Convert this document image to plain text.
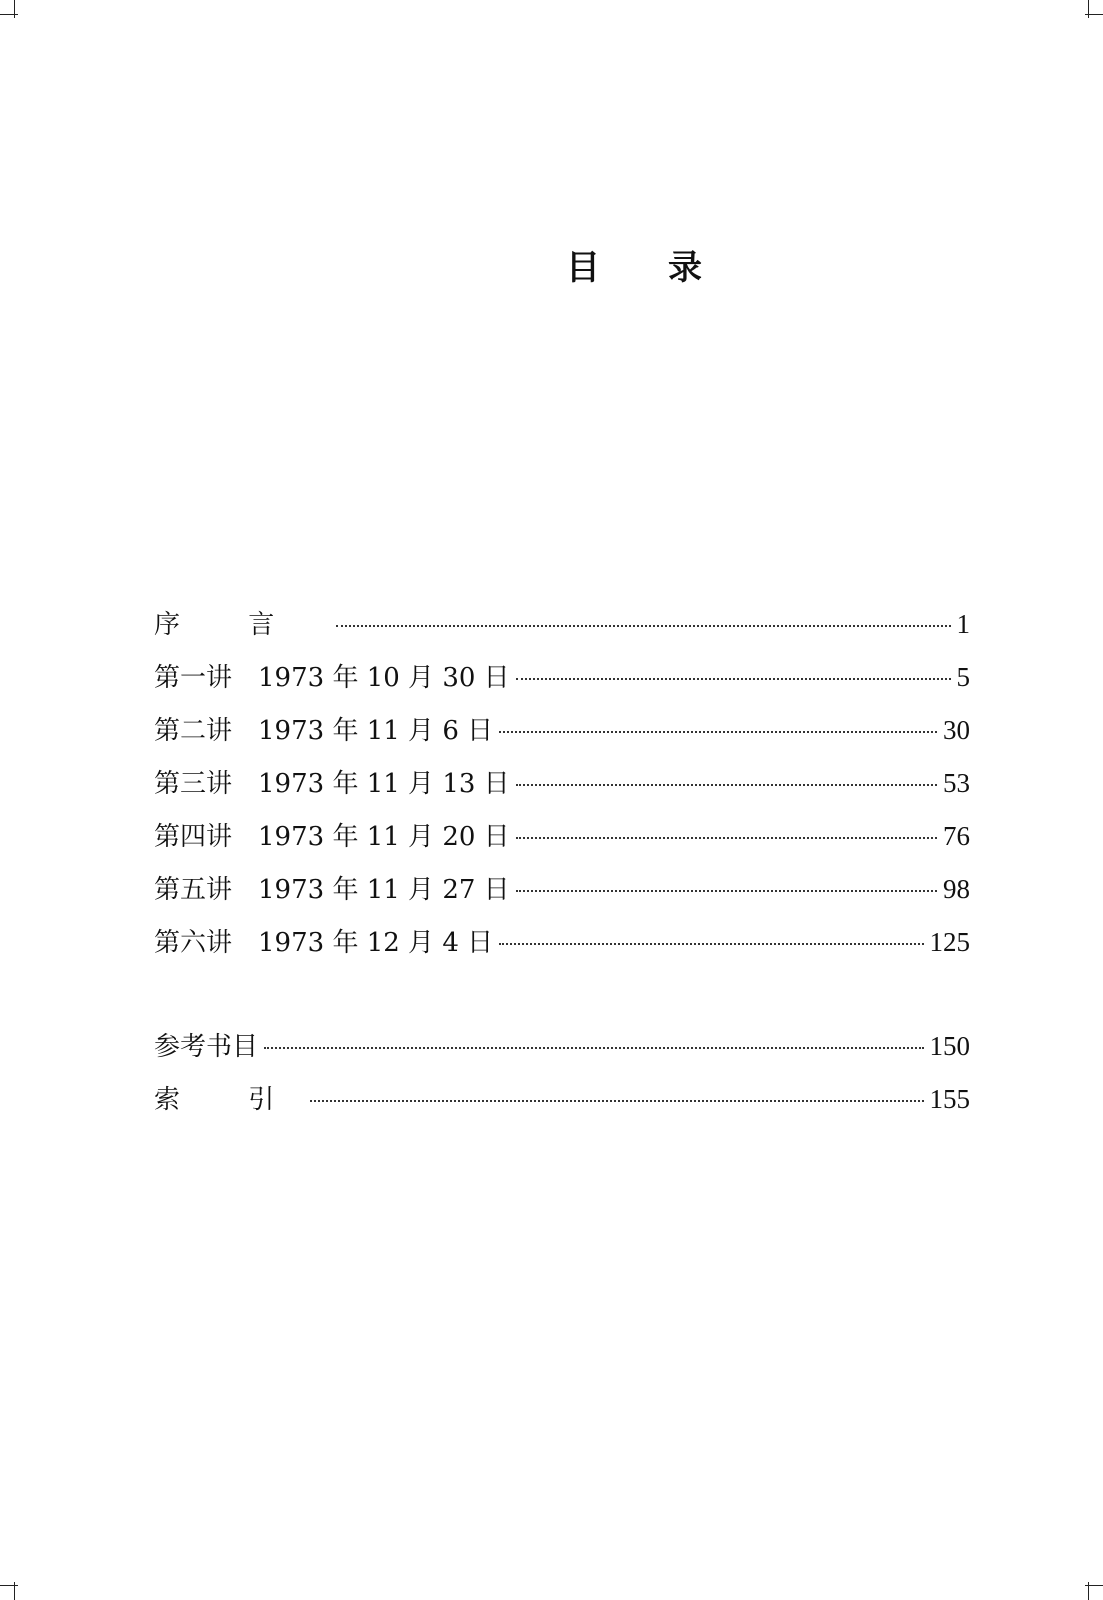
目 录
序 言	1
第一讲 1973 年 10 月 30 日	5
第二讲 1973 年 11 月 6 日	30
第三讲 1973 年 11 月 13 日	53
第四讲 1973 年 11 月 20 日	76
第五讲 1973 年 11 月 27 日	98
第六讲 1973 年 12 月 4 日	125
参考书目	150
索 引	155
